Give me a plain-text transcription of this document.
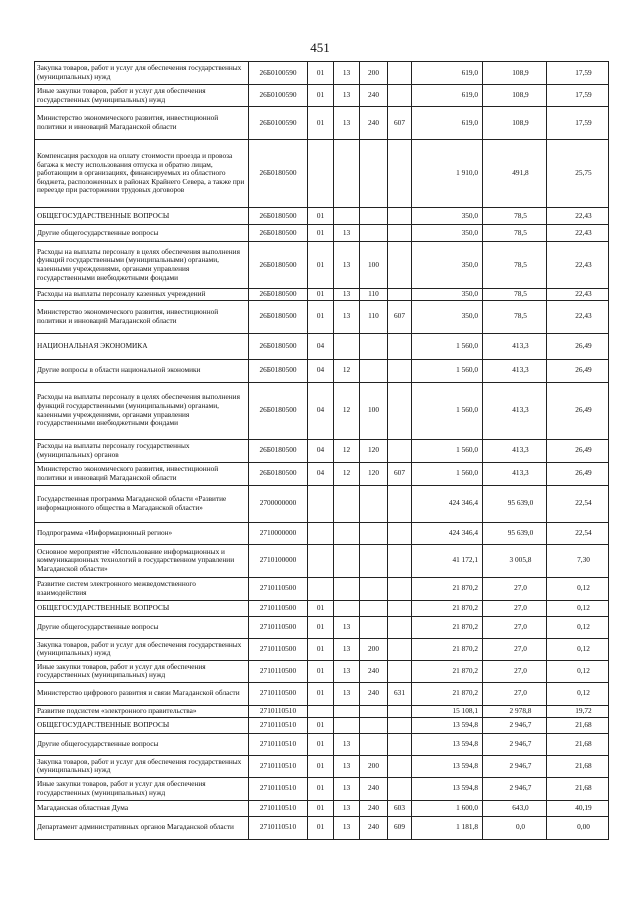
451
Закупка товаров, работ и услуг для обеспечения государственных (муниципальных) нужд	26Б0100590	01	13	200		619,0	108,9	17,59
Иные закупки товаров, работ и услуг для обеспечения государственных (муниципальных) нужд	26Б0100590	01	13	240		619,0	108,9	17,59
Министерство экономического развития, инвестиционной политики и инноваций Магаданской области	26Б0100590	01	13	240	607	619,0	108,9	17,59
Компенсация расходов на оплату стоимости проезда и провоза багажа к месту использования отпуска и обратно лицам, работающим в организациях, финансируемых из областного бюджета, расположенных в районах Крайнего Севера, а также при переезде при расторжении трудовых договоров	26Б0180500					1 910,0	491,8	25,75
ОБЩЕГОСУДАРСТВЕННЫЕ ВОПРОСЫ	26Б0180500	01				350,0	78,5	22,43
Другие общегосударственные вопросы	26Б0180500	01	13			350,0	78,5	22,43
Расходы на выплаты персоналу в целях обеспечения выполнения функций государственными (муниципальными) органами, казенными учреждениями, органами управления государственными внебюджетными фондами	26Б0180500	01	13	100		350,0	78,5	22,43
Расходы на выплаты персоналу казенных учреждений	26Б0180500	01	13	110		350,0	78,5	22,43
Министерство экономического развития, инвестиционной политики и инноваций Магаданской области	26Б0180500	01	13	110	607	350,0	78,5	22,43
НАЦИОНАЛЬНАЯ ЭКОНОМИКА	26Б0180500	04				1 560,0	413,3	26,49
Другие вопросы в области национальной экономики	26Б0180500	04	12			1 560,0	413,3	26,49
Расходы на выплаты персоналу в целях обеспечения выполнения функций государственными (муниципальными) органами, казенными учреждениями, органами управления государственными внебюджетными фондами	26Б0180500	04	12	100		1 560,0	413,3	26,49
Расходы на выплаты персоналу государственных (муниципальных) органов	26Б0180500	04	12	120		1 560,0	413,3	26,49
Министерство экономического развития, инвестиционной политики и инноваций Магаданской области	26Б0180500	04	12	120	607	1 560,0	413,3	26,49
Государственная программа Магаданской области «Развитие информационного общества в Магаданской области»	2700000000					424 346,4	95 639,0	22,54
Подпрограмма «Информационный регион»	2710000000					424 346,4	95 639,0	22,54
Основное мероприятие «Использование информационных и коммуникационных технологий в государственном управлении Магаданской области»	2710100000					41 172,1	3 005,8	7,30
Развитие систем электронного межведомственного взаимодействия	2710110500					21 870,2	27,0	0,12
ОБЩЕГОСУДАРСТВЕННЫЕ ВОПРОСЫ	2710110500	01				21 870,2	27,0	0,12
Другие общегосударственные вопросы	2710110500	01	13			21 870,2	27,0	0,12
Закупка товаров, работ и услуг для обеспечения государственных (муниципальных) нужд	2710110500	01	13	200		21 870,2	27,0	0,12
Иные закупки товаров, работ и услуг для обеспечения государственных (муниципальных) нужд	2710110500	01	13	240		21 870,2	27,0	0,12
Министерство цифрового развития и связи Магаданской области	2710110500	01	13	240	631	21 870,2	27,0	0,12
Развитие подсистем «электронного правительства»	2710110510					15 108,1	2 978,8	19,72
ОБЩЕГОСУДАРСТВЕННЫЕ ВОПРОСЫ	2710110510	01				13 594,8	2 946,7	21,68
Другие общегосударственные вопросы	2710110510	01	13			13 594,8	2 946,7	21,68
Закупка товаров, работ и услуг для обеспечения государственных (муниципальных) нужд	2710110510	01	13	200		13 594,8	2 946,7	21,68
Иные закупки товаров, работ и услуг для обеспечения государственных (муниципальных) нужд	2710110510	01	13	240		13 594,8	2 946,7	21,68
Магаданская областная Дума	2710110510	01	13	240	603	1 600,0	643,0	40,19
Департамент административных органов Магаданской области	2710110510	01	13	240	609	1 181,8	0,0	0,00
